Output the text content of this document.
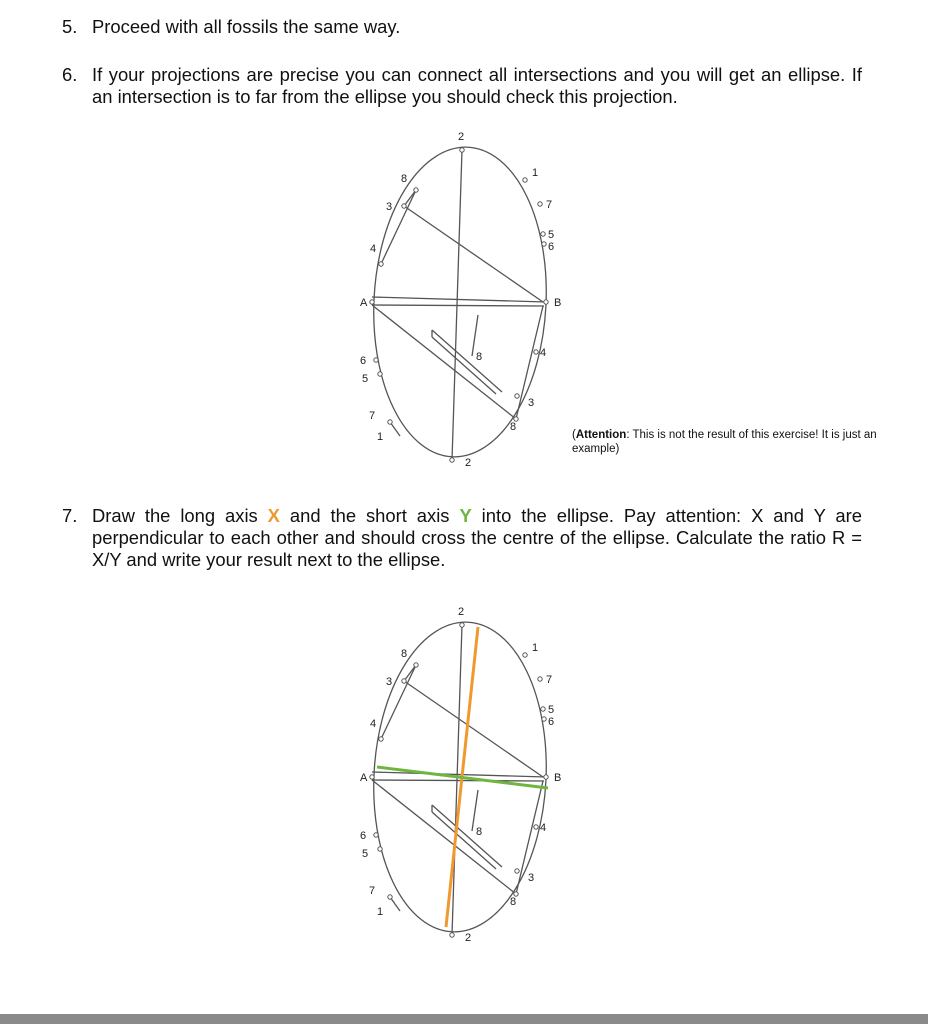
5. Proceed with all fossils the same way.
6. If your projections are precise you can connect all intersections and you will get an ellipse. If an intersection is to far from the ellipse you should check this projection.
2
1
7
5
6
8
3
4
A	B
8	4
6
5
3
8
7
1
2
(Attention: This is not the result of this exercise! It is just an example)
7. Draw the long axis X and the short axis Y into the ellipse. Pay attention: X and Y are perpendicular to each other and should cross the centre of the ellipse. Calculate the ratio R = X/Y and write your result next to the ellipse.
2
1
7
5
6
8
3
4
A	B
8	4
6
5
3
8
7
1
2
